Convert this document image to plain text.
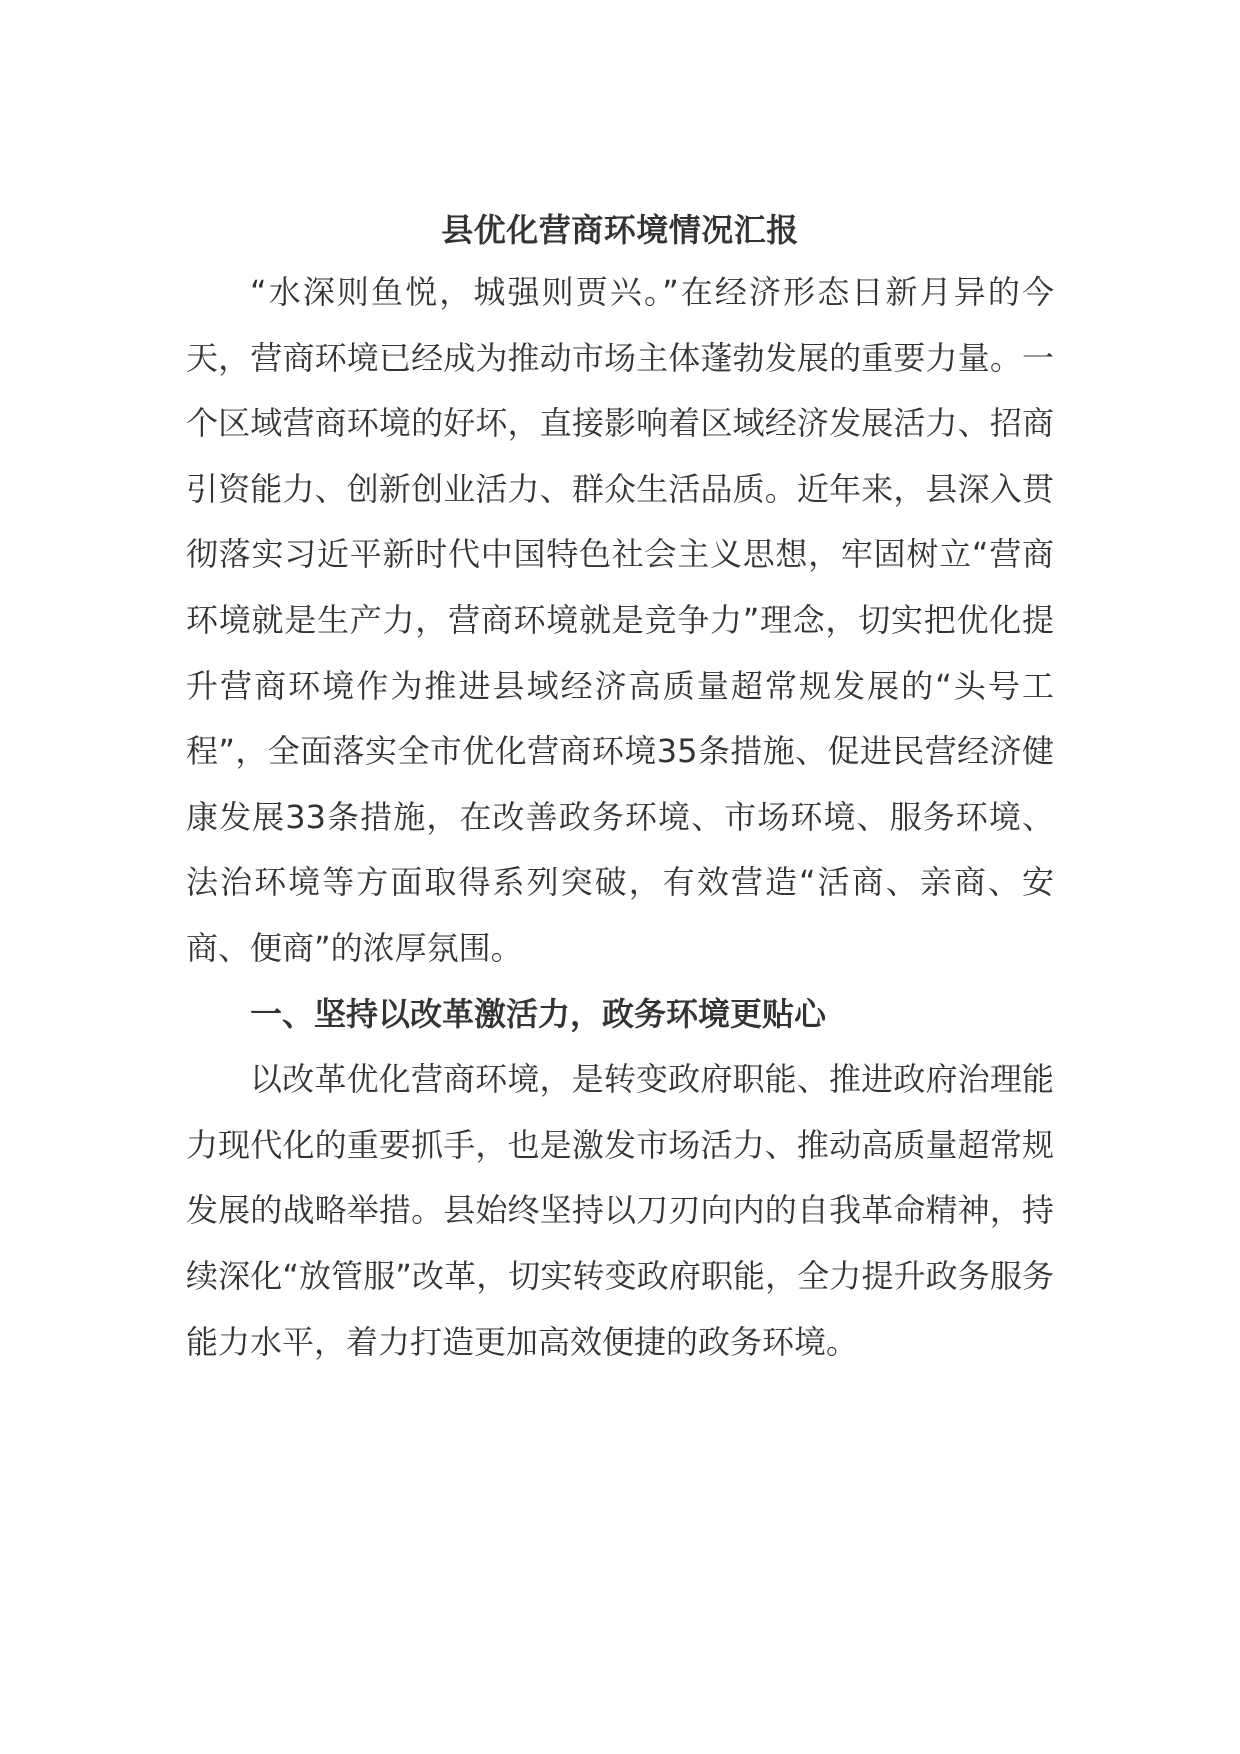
县优化营商环境情况汇报

“水深则鱼悦，城强则贾兴。”在经济形态日新月异的今天，营商环境已经成为推动市场主体蓬勃发展的重要力量。一个区域营商环境的好坏，直接影响着区域经济发展活力、招商引资能力、创新创业活力、群众生活品质。近年来，县深入贯彻落实习近平新时代中国特色社会主义思想，牢固树立“营商环境就是生产力，营商环境就是竞争力”理念，切实把优化提升营商环境作为推进县域经济高质量超常规发展的“头号工程”，全面落实全市优化营商环境35条措施、促进民营经济健康发展33条措施，在改善政务环境、市场环境、服务环境、法治环境等方面取得系列突破，有效营造“活商、亲商、安商、便商”的浓厚氛围。

一、坚持以改革激活力，政务环境更贴心

以改革优化营商环境，是转变政府职能、推进政府治理能力现代化的重要抓手，也是激发市场活力、推动高质量超常规发展的战略举措。县始终坚持以刀刃向内的自我革命精神，持续深化“放管服”改革，切实转变政府职能，全力提升政务服务能力水平，着力打造更加高效便捷的政务环境。
